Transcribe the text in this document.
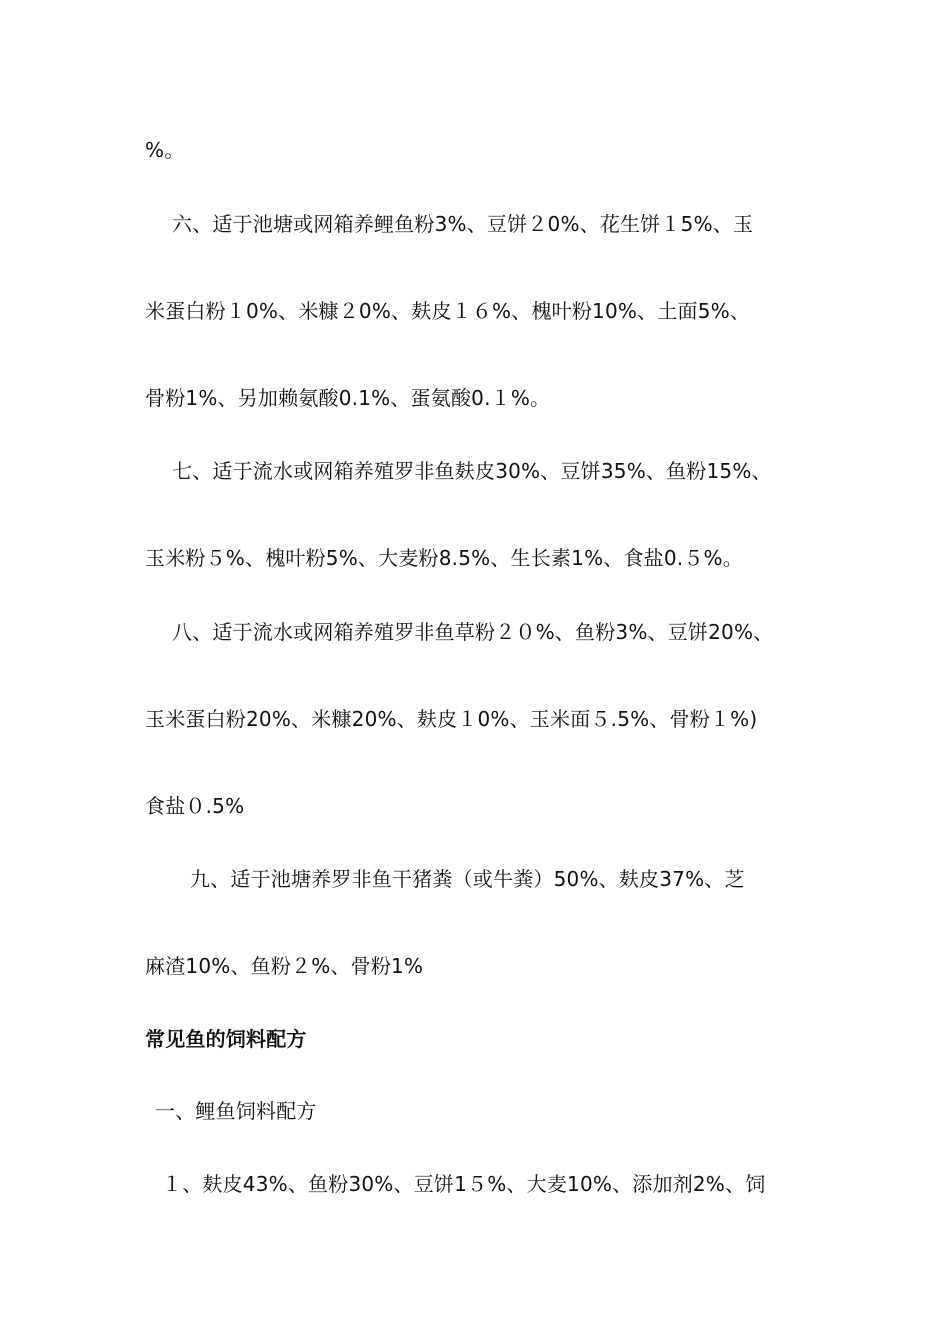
%。
六、适于池塘或网箱养鲤鱼粉3%、豆饼２0%、花生饼１5%、玉
米蛋白粉１0%、米糠２0%、麸皮１６%、槐叶粉10%、土面5%、
骨粉1%、另加赖氨酸0.1%、蛋氨酸0.１%。
七、适于流水或网箱养殖罗非鱼麸皮30%、豆饼35%、鱼粉15%、
玉米粉５%、槐叶粉5%、大麦粉8.5%、生长素1%、食盐0.５%。
八、适于流水或网箱养殖罗非鱼草粉２０%、鱼粉3%、豆饼20%、
玉米蛋白粉20%、米糠20%、麸皮１0%、玉米面５.5%、骨粉１%)
食盐０.5%
九、适于池塘养罗非鱼干猪粪（或牛粪）50%、麸皮37%、芝
麻渣10%、鱼粉２%、骨粉1%
常见鱼的饲料配方
一、鲤鱼饲料配方
１、麸皮43%、鱼粉30%、豆饼1５%、大麦10%、添加剂2%、饲
